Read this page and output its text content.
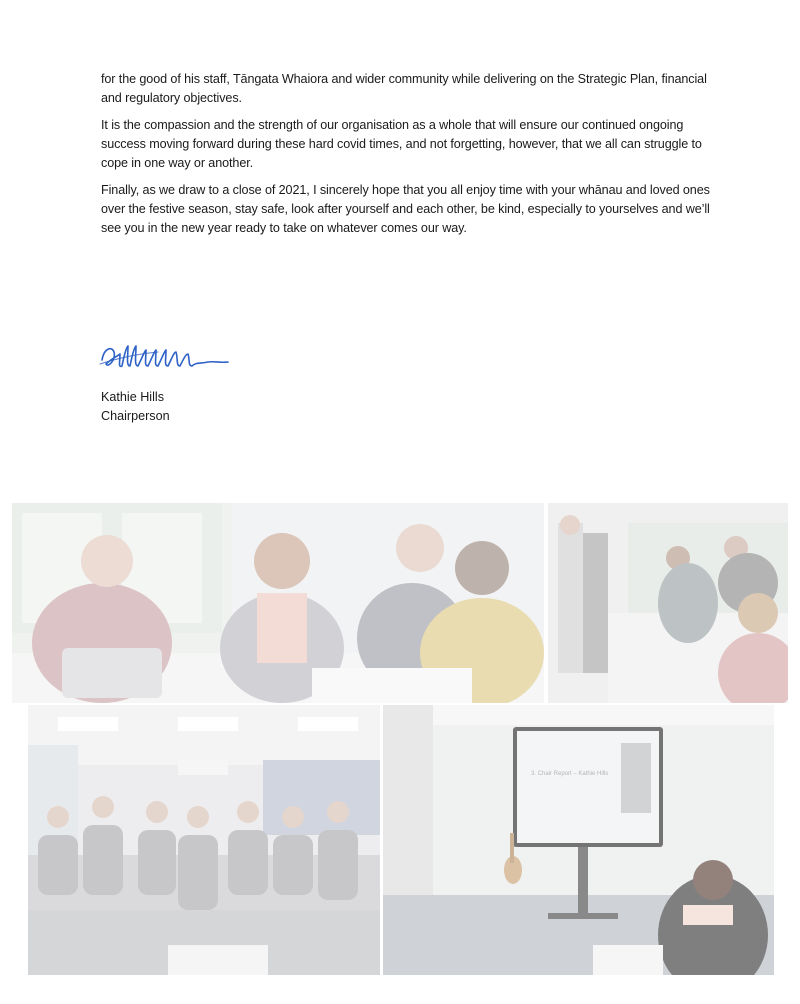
for the good of his staff, Tāngata Whaiora and wider community while delivering on the Strategic Plan, financial and regulatory objectives.

It is the compassion and the strength of our organisation as a whole that will ensure our continued ongoing success moving forward during these hard covid times, and not forgetting, however, that we all can struggle to cope in one way or another.

Finally, as we draw to a close of 2021, I sincerely hope that you all enjoy time with your whānau and loved ones over the festive season, stay safe, look after yourself and each other, be kind, especially to yourselves and we’ll see you in the new year ready to take on whatever comes our way.

Kathie Hills
Chairperson
3. Chair Report – Kathie Hills
